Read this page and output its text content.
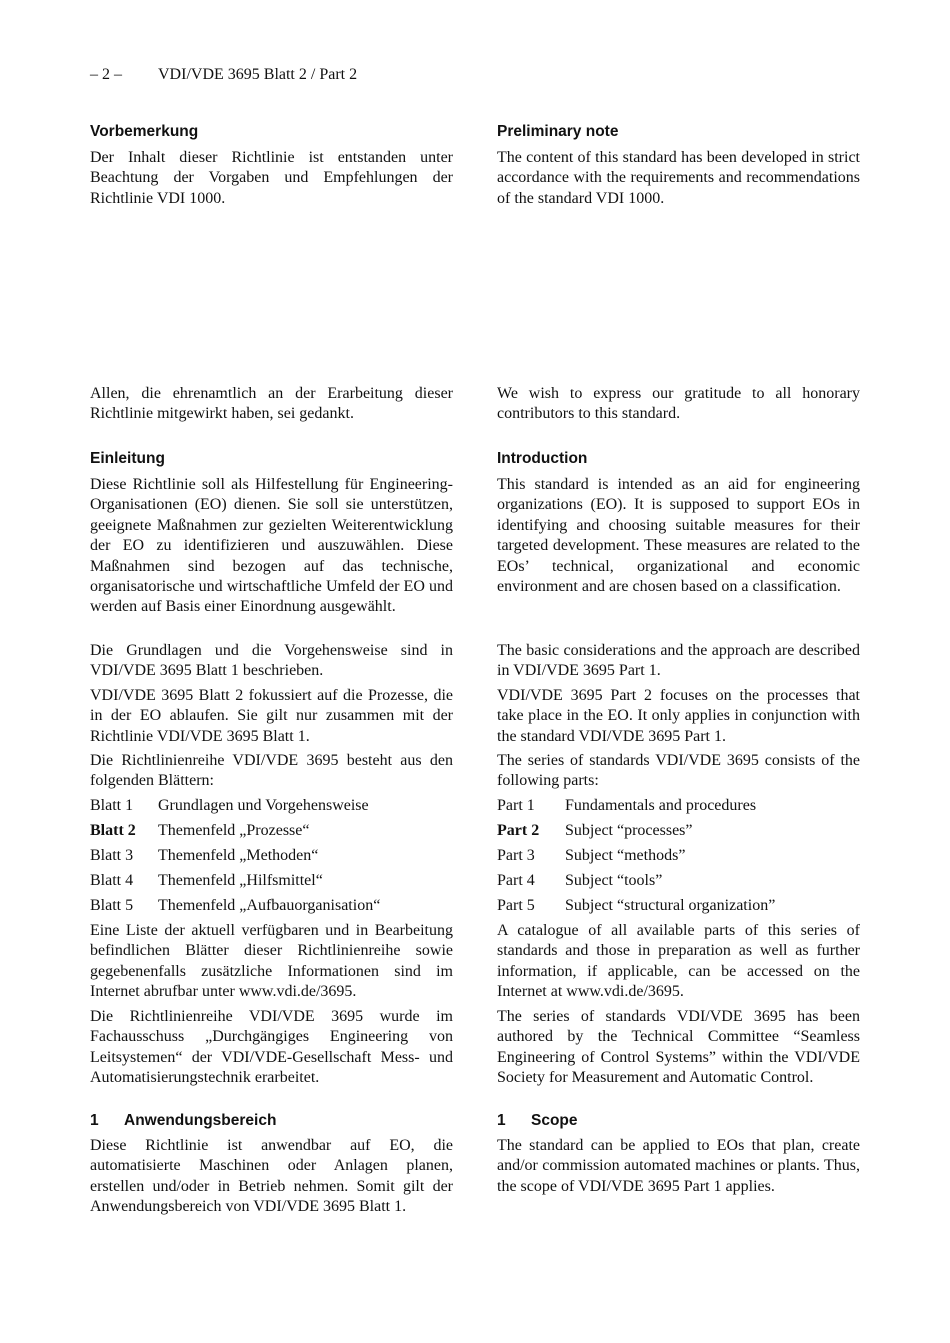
– 2 – VDI/VDE 3695 Blatt 2 / Part 2
Vorbemerkung

Der Inhalt dieser Richtlinie ist entstanden unter Beachtung der Vorgaben und Empfehlungen der Richtlinie VDI 1000.

Allen, die ehrenamtlich an der Erarbeitung dieser Richtlinie mitgewirkt haben, sei gedankt.

Einleitung

Diese Richtlinie soll als Hilfestellung für Engineering-Organisationen (EO) dienen. Sie soll sie unterstützen, geeignete Maßnahmen zur gezielten Weiterentwicklung der EO zu identifizieren und auszuwählen. Diese Maßnahmen sind bezogen auf das technische, organisatorische und wirtschaftliche Umfeld der EO und werden auf Basis einer Einordnung ausgewählt.

Die Grundlagen und die Vorgehensweise sind in VDI/VDE 3695 Blatt 1 beschrieben.

VDI/VDE 3695 Blatt 2 fokussiert auf die Prozesse, die in der EO ablaufen. Sie gilt nur zusammen mit der Richtlinie VDI/VDE 3695 Blatt 1.

Die Richtlinienreihe VDI/VDE 3695 besteht aus den folgenden Blättern:

Blatt 1 Grundlagen und Vorgehensweise
Blatt 2 Themenfeld „Prozesse“
Blatt 3 Themenfeld „Methoden“
Blatt 4 Themenfeld „Hilfsmittel“
Blatt 5 Themenfeld „Aufbauorganisation“

Eine Liste der aktuell verfügbaren und in Bearbeitung befindlichen Blätter dieser Richtlinienreihe sowie gegebenenfalls zusätzliche Informationen sind im Internet abrufbar unter www.vdi.de/3695.

Die Richtlinienreihe VDI/VDE 3695 wurde im Fachausschuss „Durchgängiges Engineering von Leitsystemen“ der VDI/VDE-Gesellschaft Mess- und Automatisierungstechnik erarbeitet.

1 Anwendungsbereich

Diese Richtlinie ist anwendbar auf EO, die automatisierte Maschinen oder Anlagen planen, erstellen und/oder in Betrieb nehmen. Somit gilt der Anwendungsbereich von VDI/VDE 3695 Blatt 1.

Preliminary note

The content of this standard has been developed in strict accordance with the requirements and recommendations of the standard VDI 1000.

We wish to express our gratitude to all honorary contributors to this standard.

Introduction

This standard is intended as an aid for engineering organizations (EO). It is supposed to support EOs in identifying and choosing suitable measures for their targeted development. These measures are related to the EOs’ technical, organizational and economic environment and are chosen based on a classification.

The basic considerations and the approach are described in VDI/VDE 3695 Part 1.

VDI/VDE 3695 Part 2 focuses on the processes that take place in the EO. It only applies in conjunction with the standard VDI/VDE 3695 Part 1.

The series of standards VDI/VDE 3695 consists of the following parts:

Part 1 Fundamentals and procedures
Part 2 Subject “processes”
Part 3 Subject “methods”
Part 4 Subject “tools”
Part 5 Subject “structural organization”

A catalogue of all available parts of this series of standards and those in preparation as well as further information, if applicable, can be accessed on the Internet at www.vdi.de/3695.

The series of standards VDI/VDE 3695 has been authored by the Technical Committee “Seamless Engineering of Control Systems” within the VDI/VDE Society for Measurement and Automatic Control.

1 Scope

The standard can be applied to EOs that plan, create and/or commission automated machines or plants. Thus, the scope of VDI/VDE 3695 Part 1 applies.
